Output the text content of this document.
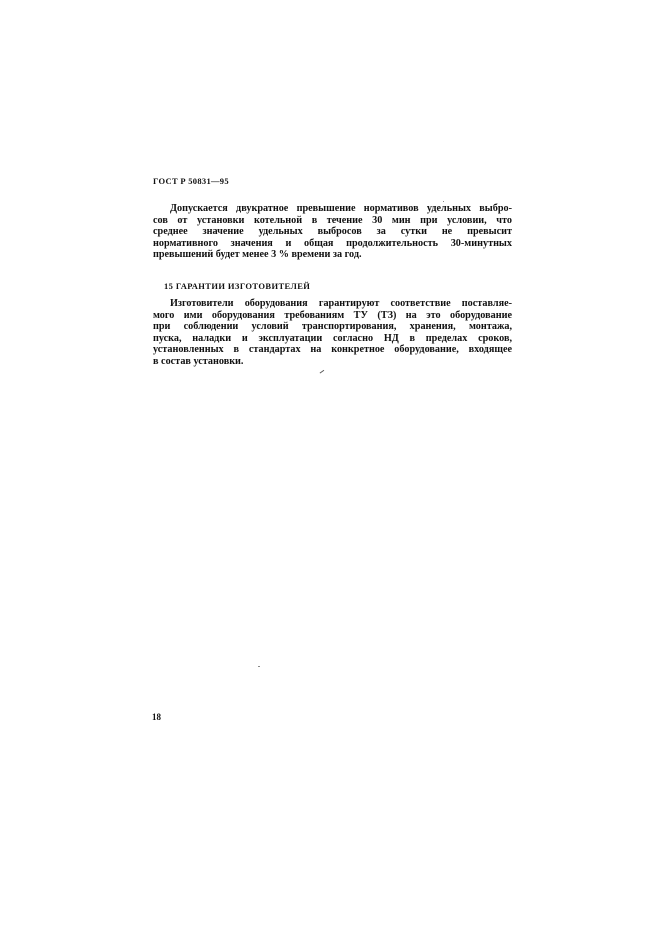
ГОСТ Р 50831—95
Допускается двукратное превышение нормативов удельных выбро-
сов от установки котельной в течение 30 мин при условии, что
среднее значение удельных выбросов за сутки не превысит
нормативного значения и общая продолжительность 30-минутных
превышений будет менее 3 % времени за год.
15 ГАРАНТИИ ИЗГОТОВИТЕЛЕЙ
Изготовители оборудования гарантируют соответствие поставляе-
мого ими оборудования требованиям ТУ (ТЗ) на это оборудование
при соблюдении условий транспортирования, хранения, монтажа,
пуска, наладки и эксплуатации согласно НД в пределах сроков,
установленных в стандартах на конкретное оборудование, входящее
в состав установки.
18
